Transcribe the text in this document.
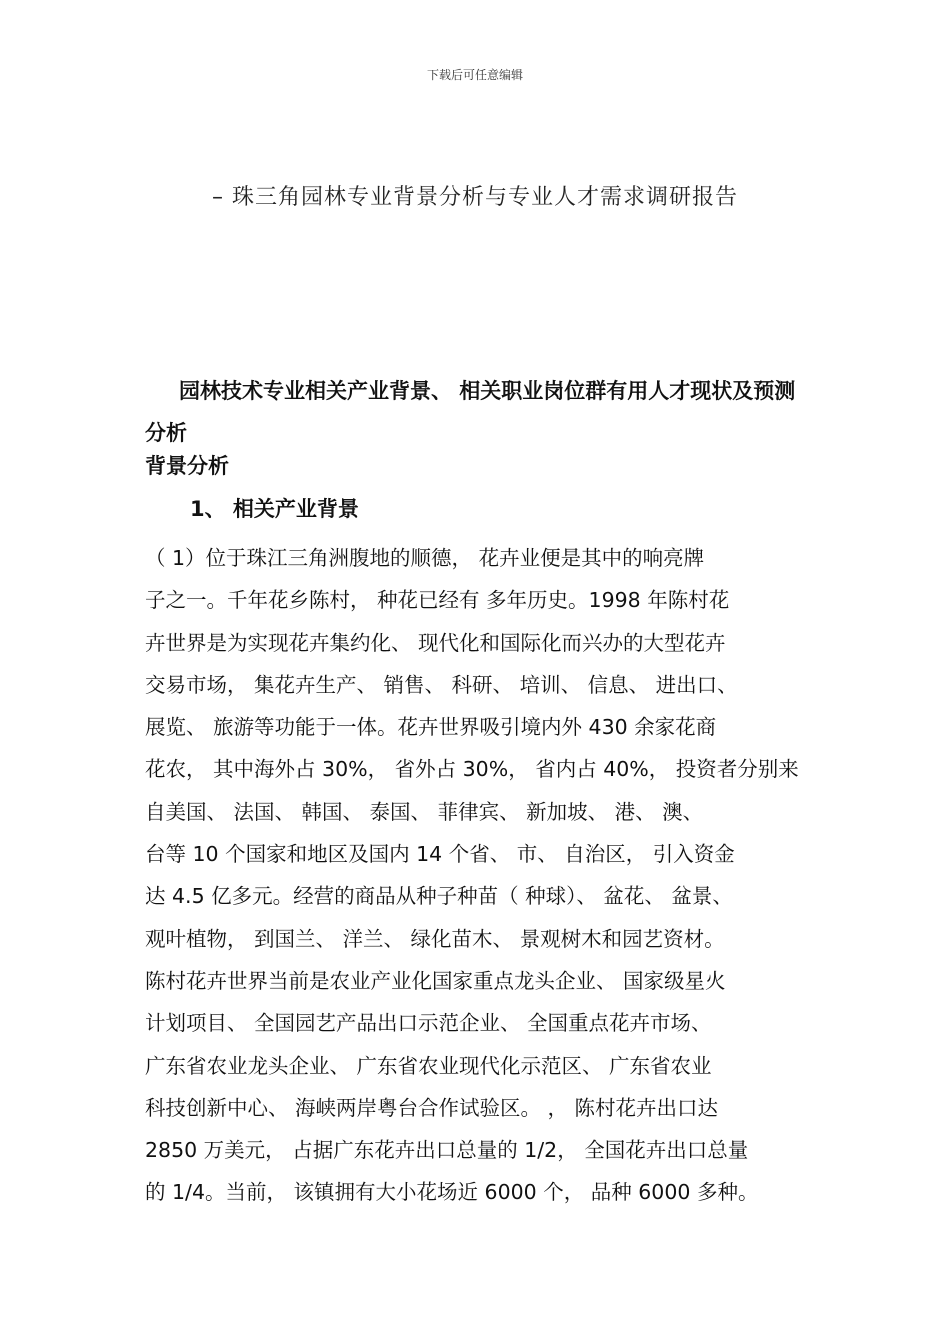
下载后可任意编辑
– 珠三角园林专业背景分析与专业人才需求调研报告
园林技术专业相关产业背景、 相关职业岗位群有用人才现状及预测分析
背景分析
1、 相关产业背景
（ 1）位于珠江三角洲腹地的顺德， 花卉业便是其中的响亮牌
子之一。千年花乡陈村， 种花已经有 多年历史。1998 年陈村花
卉世界是为实现花卉集约化、 现代化和国际化而兴办的大型花卉
交易市场， 集花卉生产、 销售、 科研、 培训、 信息、 进出口、
展览、 旅游等功能于一体。花卉世界吸引境内外 430 余家花商
花农， 其中海外占 30%， 省外占 30%， 省内占 40%， 投资者分别来
自美国、 法国、 韩国、 泰国、 菲律宾、 新加坡、 港、 澳、
台等 10 个国家和地区及国内 14 个省、 市、 自治区， 引入资金
达 4.5 亿多元。经营的商品从种子种苗（ 种球）、 盆花、 盆景、
观叶植物， 到国兰、 洋兰、 绿化苗木、 景观树木和园艺资材。
陈村花卉世界当前是农业产业化国家重点龙头企业、 国家级星火
计划项目、 全国园艺产品出口示范企业、 全国重点花卉市场、
广东省农业龙头企业、 广东省农业现代化示范区、 广东省农业
科技创新中心、 海峡两岸粤台合作试验区。 ， 陈村花卉出口达
2850 万美元， 占据广东花卉出口总量的 1/2， 全国花卉出口总量
的 1/4。当前， 该镇拥有大小花场近 6000 个， 品种 6000 多种。
